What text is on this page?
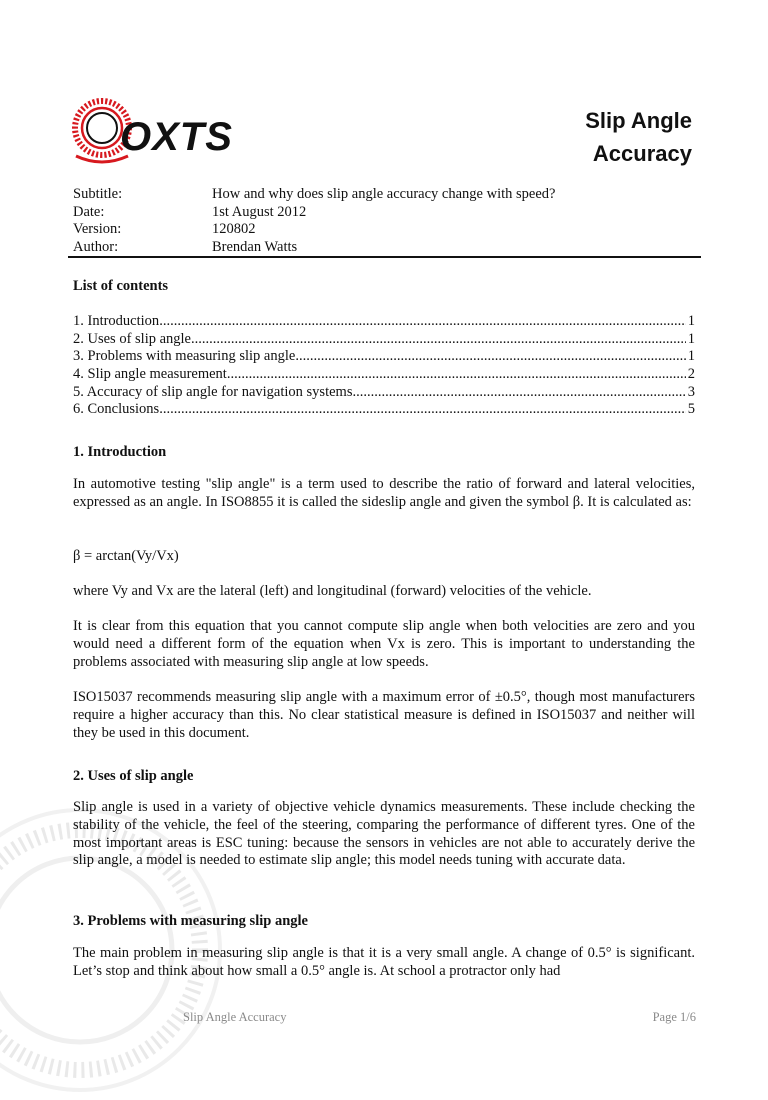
OXTS	Slip Angle
Accuracy
Subtitle:	How and why does slip angle accuracy change with speed?
Date:	1st August 2012
Version:	120802
Author:	Brendan Watts
List of contents
1. Introduction .....	1
2. Uses of slip angle .....	1
3. Problems with measuring slip angle .....	1
4. Slip angle measurement .....	2
5. Accuracy of slip angle for navigation systems .....	3
6. Conclusions .....	5
1. Introduction
In automotive testing "slip angle" is a term used to describe the ratio of forward and lateral velocities, expressed as an angle. In ISO8855 it is called the sideslip angle and given the symbol β. It is calculated as:
β = arctan(Vy/Vx)
where Vy and Vx are the lateral (left) and longitudinal (forward) velocities of the vehicle.
It is clear from this equation that you cannot compute slip angle when both velocities are zero and you would need a different form of the equation when Vx is zero. This is important to understanding the problems associated with measuring slip angle at low speeds.
ISO15037 recommends measuring slip angle with a maximum error of ±0.5°, though most manufacturers require a higher accuracy than this. No clear statistical measure is defined in ISO15037 and neither will they be used in this document.
2. Uses of slip angle
Slip angle is used in a variety of objective vehicle dynamics measurements. These include checking the stability of the vehicle, the feel of the steering, comparing the performance of different tyres. One of the most important areas is ESC tuning: because the sensors in vehicles are not able to accurately derive the slip angle, a model is needed to estimate slip angle; this model needs tuning with accurate data.
3. Problems with measuring slip angle
The main problem in measuring slip angle is that it is a very small angle. A change of 0.5° is significant. Let’s stop and think about how small a 0.5° angle is. At school a protractor only had
Slip Angle Accuracy	Page 1/6
